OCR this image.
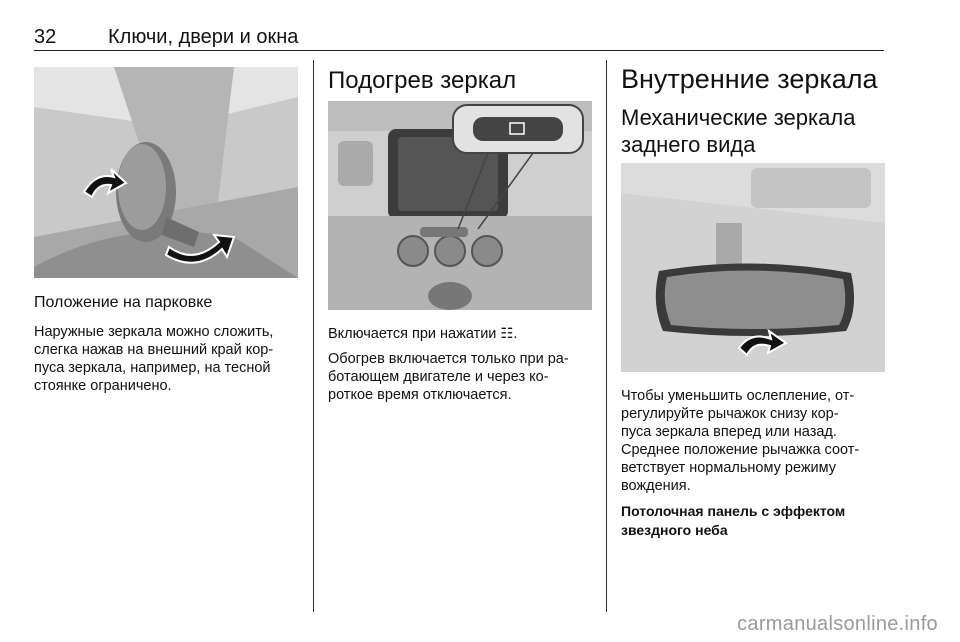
32	Ключи, двери и окна
Положение на парковке

Наружные зеркала можно сложить,

слегка нажав на внешний край кор-

пуса зеркала, например, на тесной

стоянке ограничено.

Подогрев зеркал

Включается при нажатии ☷.

Обогрев включается только при ра-

ботающем двигателе и через ко-

роткое время отключается.

Внутренние зеркала
Механические зеркала
заднего вида

Чтобы уменьшить ослепление, от-

регулируйте рычажок снизу кор-

пуса зеркала вперед или назад.

Среднее положение рычажка соот-

ветствует нормальному режиму

вождения.

Потолочная панель с эффектом
звездного неба
carmanualsonline.info
